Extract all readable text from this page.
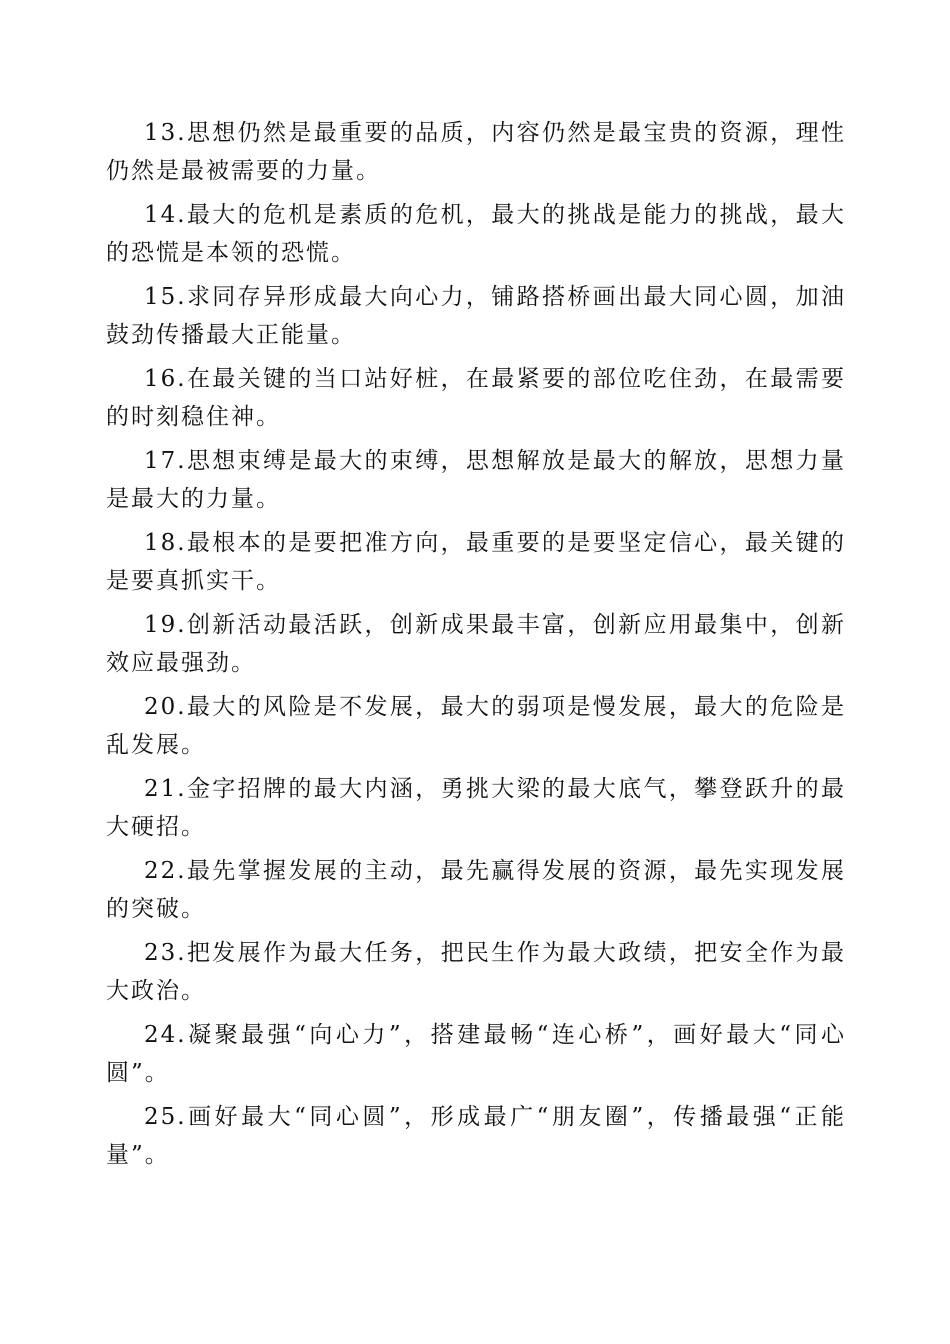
13.思想仍然是最重要的品质，内容仍然是最宝贵的资源，理性仍然是最被需要的力量。

14.最大的危机是素质的危机，最大的挑战是能力的挑战，最大的恐慌是本领的恐慌。

15.求同存异形成最大向心力，铺路搭桥画出最大同心圆，加油鼓劲传播最大正能量。

16.在最关键的当口站好桩，在最紧要的部位吃住劲，在最需要的时刻稳住神。

17.思想束缚是最大的束缚，思想解放是最大的解放，思想力量是最大的力量。

18.最根本的是要把准方向，最重要的是要坚定信心，最关键的是要真抓实干。

19.创新活动最活跃，创新成果最丰富，创新应用最集中，创新效应最强劲。

20.最大的风险是不发展，最大的弱项是慢发展，最大的危险是乱发展。

21.金字招牌的最大内涵，勇挑大梁的最大底气，攀登跃升的最大硬招。

22.最先掌握发展的主动，最先赢得发展的资源，最先实现发展的突破。

23.把发展作为最大任务，把民生作为最大政绩，把安全作为最大政治。

24.凝聚最强“向心力”，搭建最畅“连心桥”，画好最大“同心圆”。

25.画好最大“同心圆”，形成最广“朋友圈”，传播最强“正能量”。
